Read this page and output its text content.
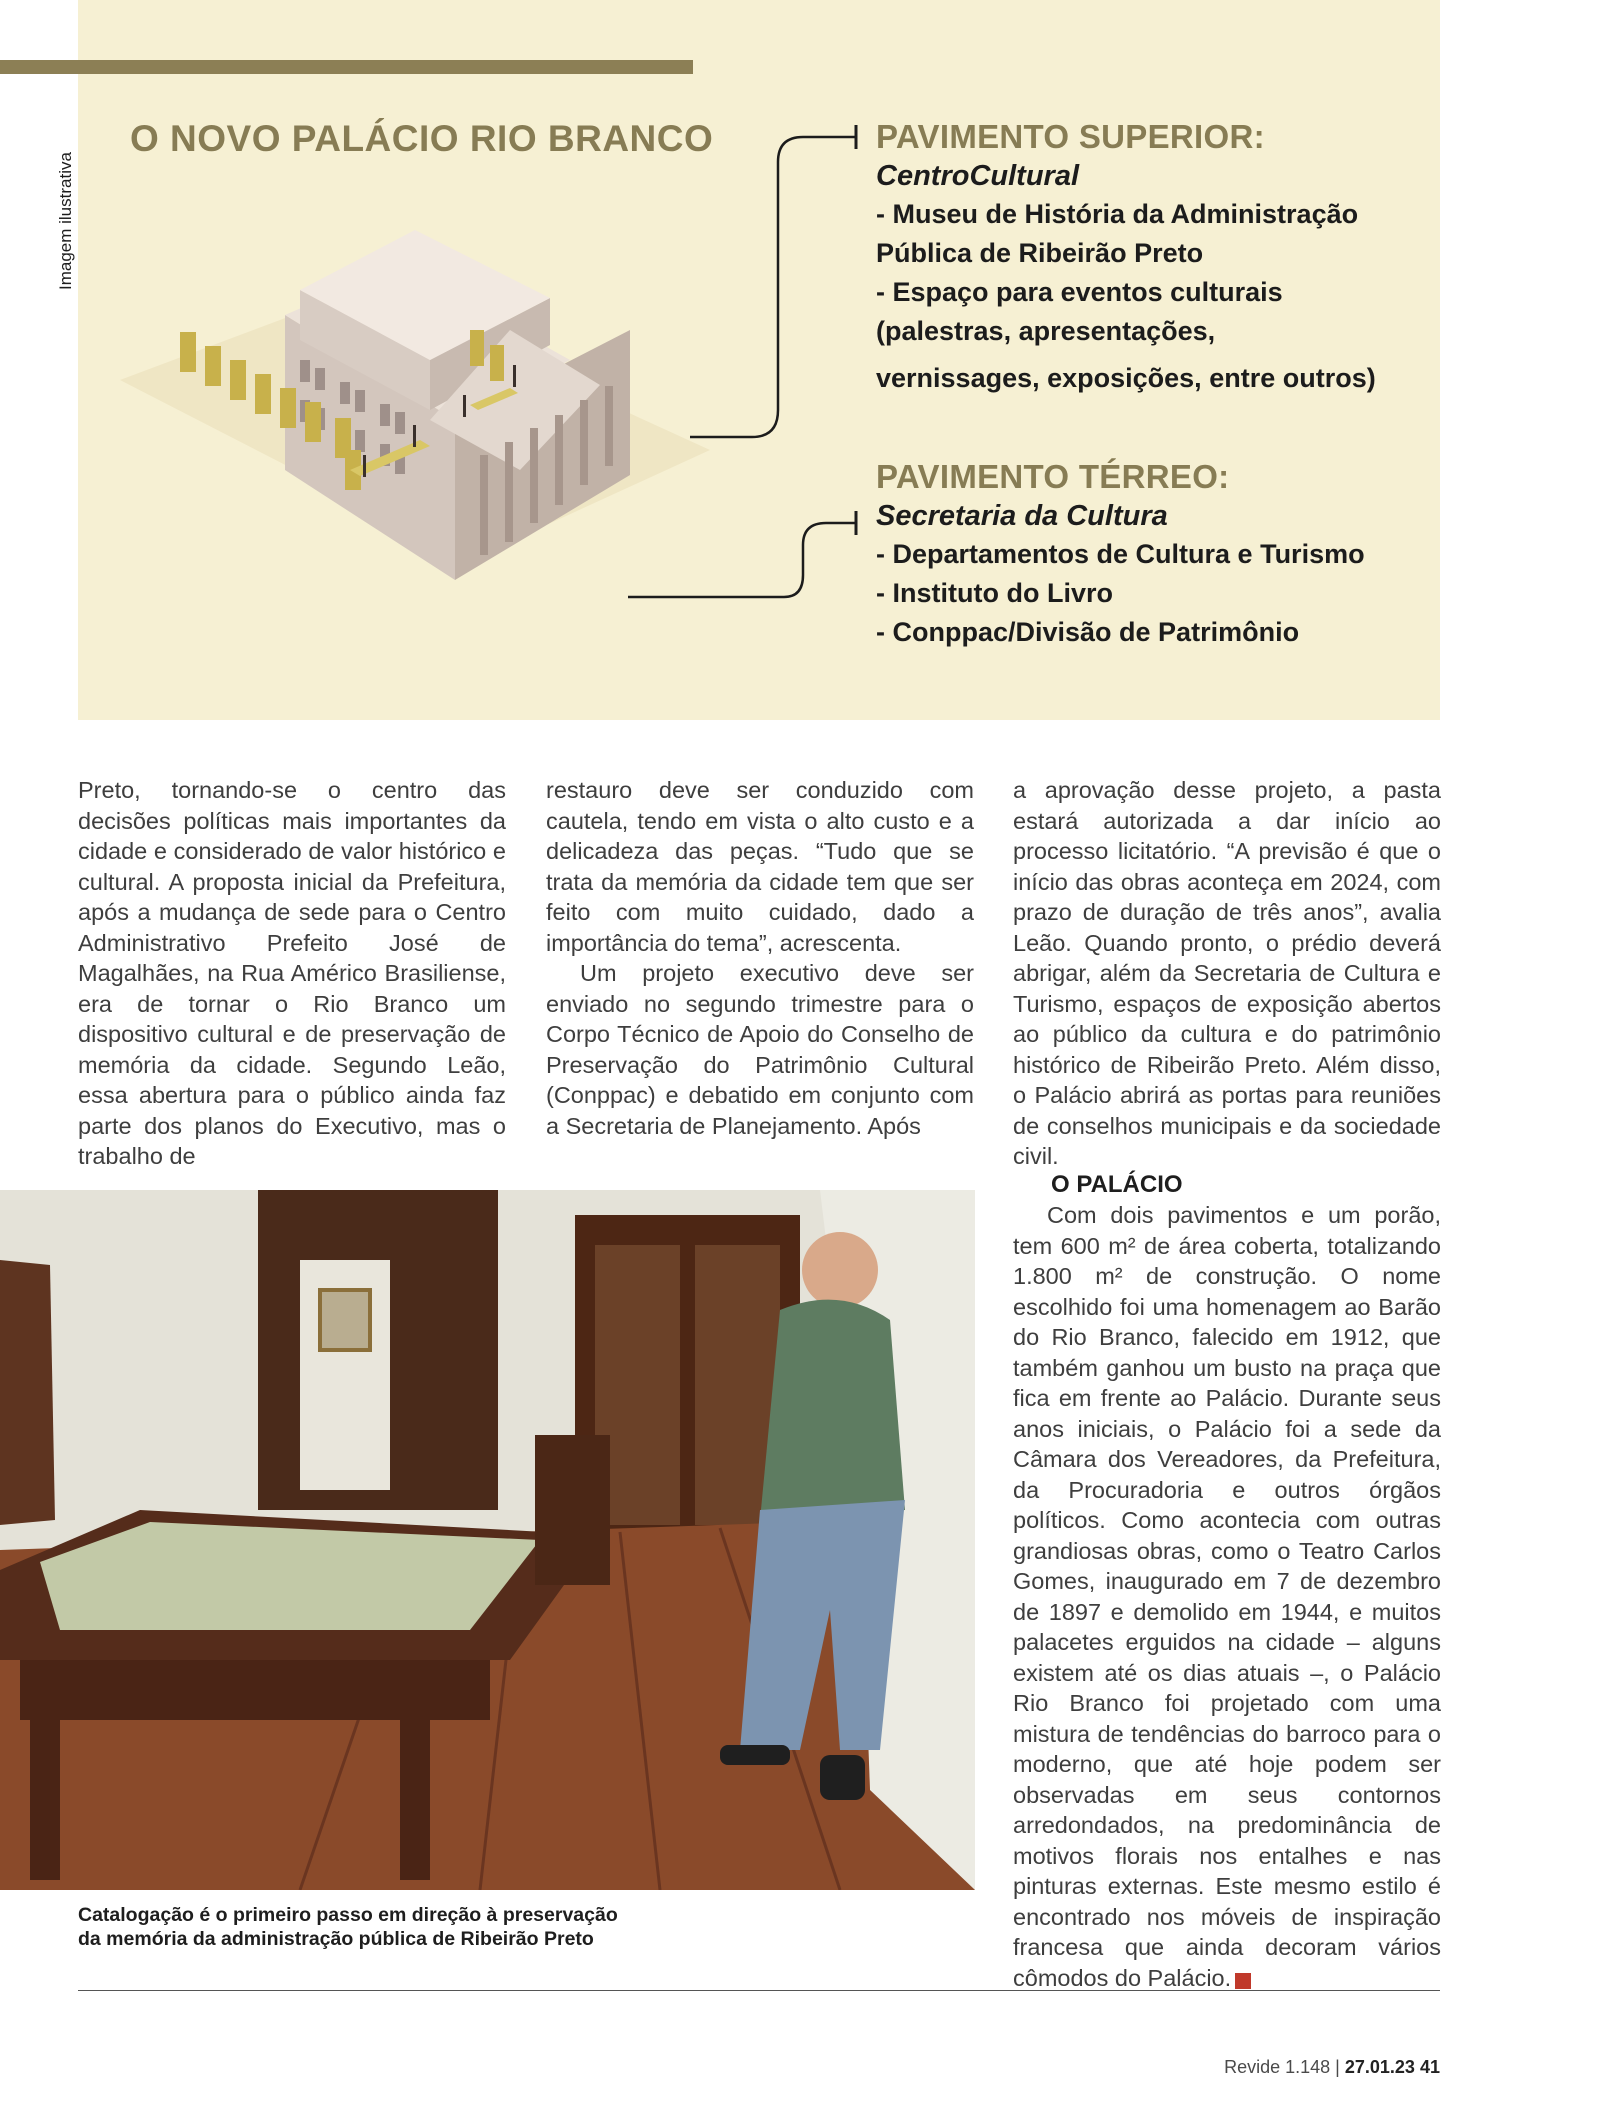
Imagem ilustrativa
O NOVO PALÁCIO RIO BRANCO	PAVIMENTO SUPERIOR:
CentroCultural
- Museu de História da Administração
Pública de Ribeirão Preto
- Espaço para eventos culturais
(palestras, apresentações,
vernissages, exposições, entre outros)
PAVIMENTO TÉRREO:
Secretaria da Cultura
- Departamentos de Cultura e Turismo
- Instituto do Livro
- Conppac/Divisão de Patrimônio

Preto, tornando-se o centro das decisões políticas mais importantes da cidade e considerado de valor histórico e cultural. A proposta inicial da Prefeitura, após a mudança de sede para o Centro Administrativo Prefeito José de Magalhães, na Rua Américo Brasiliense, era de tornar o Rio Branco um dispositivo cultural e de preservação de memória da cidade. Segundo Leão, essa abertura para o público ainda faz parte dos planos do Executivo, mas o trabalho de

restauro deve ser conduzido com cautela, tendo em vista o alto custo e a delicadeza das peças. “Tudo que se trata da memória da cidade tem que ser feito com muito cuidado, dado a importância do tema”, acrescenta.

Um projeto executivo deve ser enviado no segundo trimestre para o Corpo Técnico de Apoio do Conselho de Preservação do Patrimônio Cultural (Conppac) e debatido em conjunto com a Secretaria de Planejamento. Após

a aprovação desse projeto, a pasta estará autorizada a dar início ao processo licitatório. “A previsão é que o início das obras aconteça em 2024, com prazo de duração de três anos”, avalia Leão. Quando pronto, o prédio deverá abrigar, além da Secretaria de Cultura e Turismo, espaços de exposição abertos ao público da cultura e do patrimônio histórico de Ribeirão Preto. Além disso, o Palácio abrirá as portas para reuniões de conselhos municipais e da sociedade civil.

O PALÁCIO

Com dois pavimentos e um porão, tem 600 m² de área coberta, totalizando 1.800 m² de construção. O nome escolhido foi uma homenagem ao Barão do Rio Branco, falecido em 1912, que também ganhou um busto na praça que fica em frente ao Palácio. Durante seus anos iniciais, o Palácio foi a sede da Câmara dos Vereadores, da Prefeitura, da Procuradoria e outros órgãos políticos. Como acontecia com outras grandiosas obras, como o Teatro Carlos Gomes, inaugurado em 7 de dezembro de 1897 e demolido em 1944, e muitos palacetes erguidos na cidade – alguns existem até os dias atuais –, o Palácio Rio Branco foi projetado com uma mistura de tendências do barroco para o moderno, que até hoje podem ser observadas em seus contornos arredondados, na predominância de motivos florais nos entalhes e nas pinturas externas. Este mesmo estilo é encontrado nos móveis de inspiração francesa que ainda decoram vários cômodos do Palácio.	R

Catalogação é o primeiro passo em direção à preservação
da memória da administração pública de Ribeirão Preto
Revide 1.148 | 27.01.23 41
